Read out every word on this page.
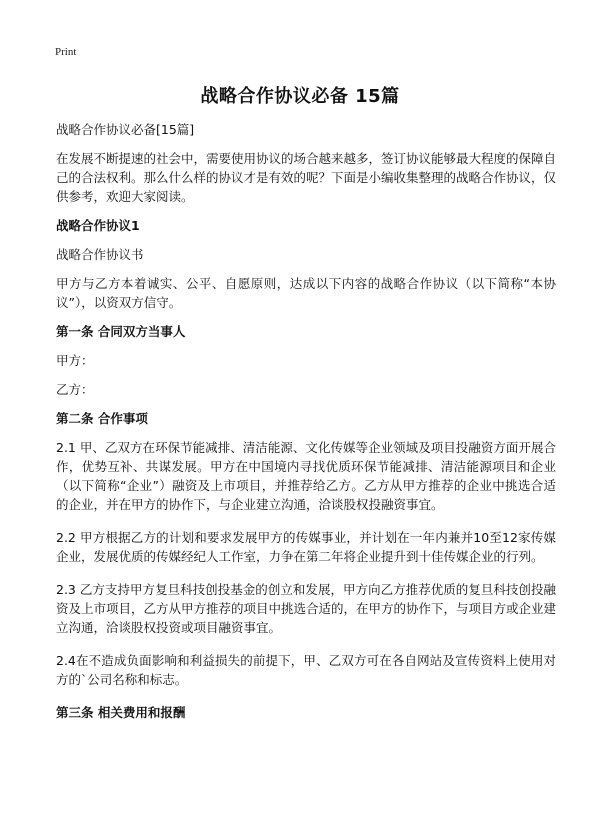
Print
战略合作协议必备 15篇

战略合作协议必备[15篇]

在发展不断提速的社会中，需要使用协议的场合越来越多，签订协议能够最大程度的保障自己的合法权利。那么什么样的协议才是有效的呢？下面是小编收集整理的战略合作协议，仅供参考，欢迎大家阅读。

战略合作协议1

战略合作协议书

甲方与乙方本着诚实、公平、自愿原则，达成以下内容的战略合作协议（以下简称“本协议”），以资双方信守。

第一条 合同双方当事人

甲方：

乙方：

第二条 合作事项

2.1 甲、乙双方在环保节能减排、清洁能源、文化传媒等企业领域及项目投融资方面开展合作，优势互补、共谋发展。甲方在中国境内寻找优质环保节能减排、清洁能源项目和企业（以下简称“企业”）融资及上市项目，并推荐给乙方。乙方从甲方推荐的企业中挑选合适的企业，并在甲方的协作下，与企业建立沟通，洽谈股权投融资事宜。

2.2 甲方根据乙方的计划和要求发展甲方的传媒事业，并计划在一年内兼并10至12家传媒企业，发展优质的传媒经纪人工作室，力争在第二年将企业提升到十佳传媒企业的行列。

2.3 乙方支持甲方复旦科技创投基金的创立和发展，甲方向乙方推荐优质的复旦科技创投融资及上市项目，乙方从甲方推荐的项目中挑选合适的，在甲方的协作下，与项目方或企业建立沟通，洽谈股权投资或项目融资事宜。

2.4在不造成负面影响和利益损失的前提下，甲、乙双方可在各自网站及宣传资料上使用对方的`公司名称和标志。

第三条 相关费用和报酬
